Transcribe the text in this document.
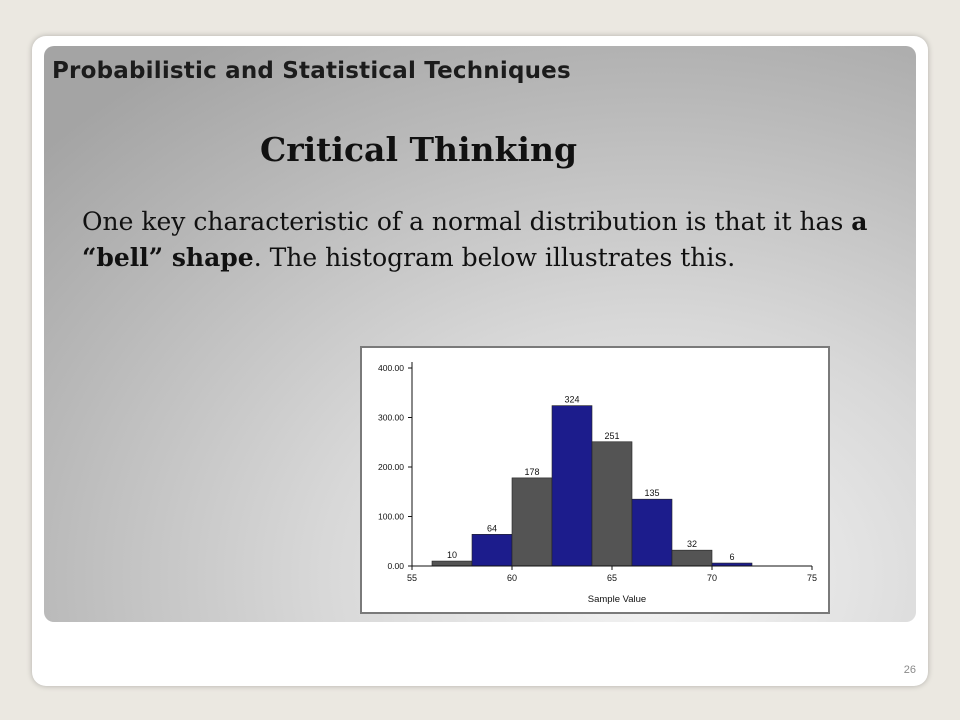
Probabilistic and Statistical Techniques
Critical Thinking

One key characteristic of a normal distribution is that it has a “bell” shape. The histogram below illustrates this.

10
64
178
324
251
135
32
6
0.00
100.00
200.00
300.00
400.00
55	60	65	70	75
Sample Value
26
